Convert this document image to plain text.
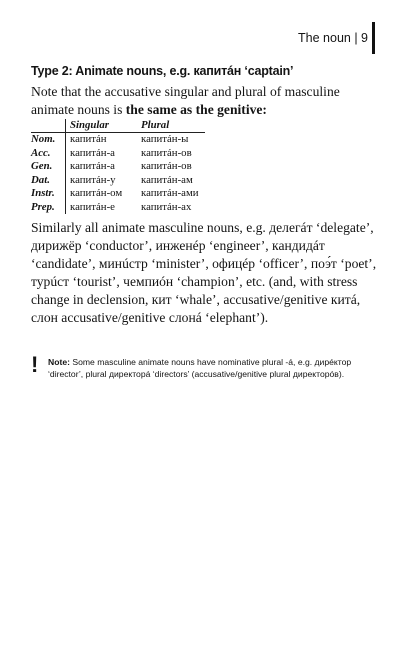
The noun | 9
Type 2: Animate nouns, e.g. капитáн ‘captain’
Note that the accusative singular and plural of masculine animate nouns is the same as the genitive:
	Singular	Plural
Nom.	капитáн	капитáн-ы
Acc.	капитáн-а	капитáн-ов
Gen.	капитáн-а	капитáн-ов
Dat.	капитáн-у	капитáн-ам
Instr.	капитáн-ом	капитáн-ами
Prep.	капитáн-е	капитáн-ах
Similarly all animate masculine nouns, e.g. делегáт ‘delegate’, дирижёр ‘conductor’, инженéр ‘engineer’, кандидáт ‘candidate’, минúстр ‘minister’, офицéр ‘officer’, поэ́т ‘poet’, турúст ‘tourist’, чемпиóн ‘champion’, etc. (and, with stress change in declension, кит ‘whale’, accusative/genitive китá, слон accusative/genitive слонá ‘elephant’).
!	Note: Some masculine animate nouns have nominative plural -á, e.g. дирéктор ‘director’, plural директорá ‘directors’ (accusative/genitive plural директорóв).
